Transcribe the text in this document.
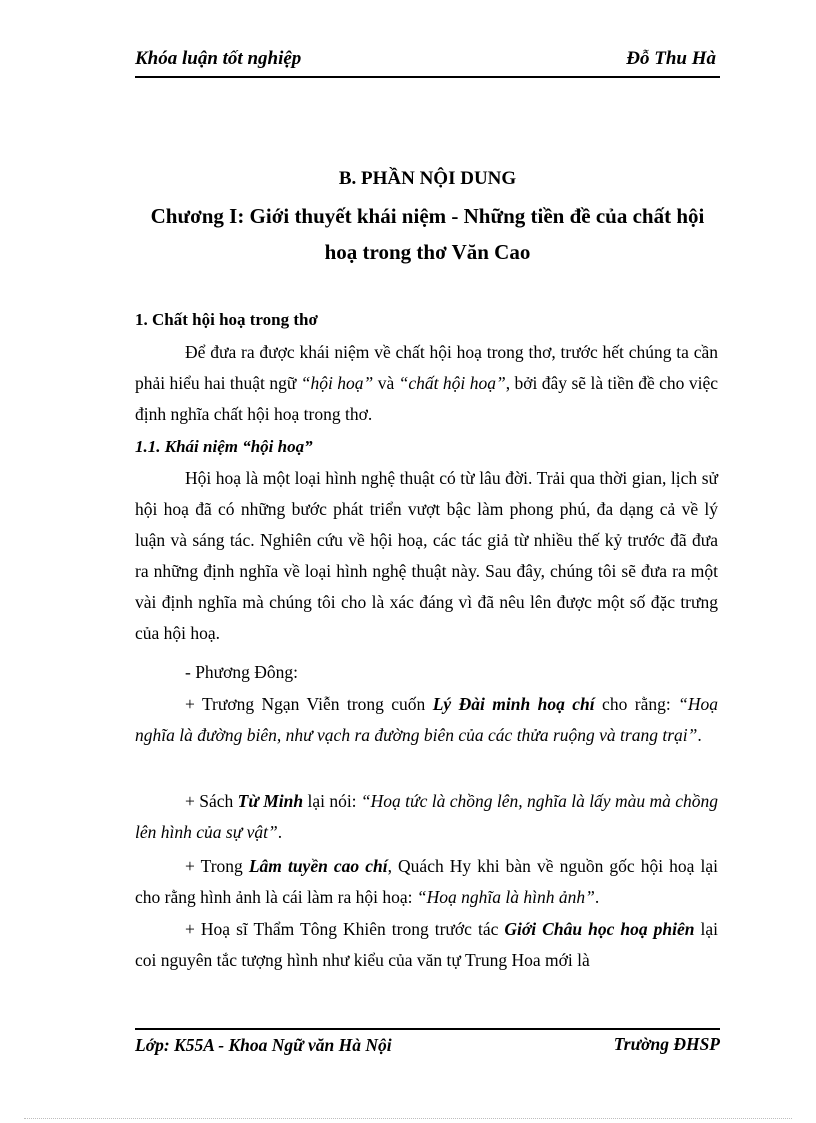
Khóa luận tốt nghiệp	Đỗ Thu Hà
B. PHẦN NỘI DUNG
Chương I: Giới thuyết khái niệm - Những tiền đề của chất hội
hoạ trong thơ Văn Cao
1. Chất hội hoạ trong thơ
Để đưa ra được khái niệm về chất hội hoạ trong thơ, trước hết chúng ta cần phải hiểu hai thuật ngữ “hội hoạ” và “chất hội hoạ”, bởi đây sẽ là tiền đề cho việc định nghĩa chất hội hoạ trong thơ.
1.1. Khái niệm “hội hoạ”
Hội hoạ là một loại hình nghệ thuật có từ lâu đời. Trải qua thời gian, lịch sử hội hoạ đã có những bước phát triển vượt bậc làm phong phú, đa dạng cả về lý luận và sáng tác. Nghiên cứu về hội hoạ, các tác giả từ nhiều thế kỷ trước đã đưa ra những định nghĩa về loại hình nghệ thuật này. Sau đây, chúng tôi sẽ đưa ra một vài định nghĩa mà chúng tôi cho là xác đáng vì đã nêu lên được một số đặc trưng của hội hoạ.
- Phương Đông:
+ Trương Ngạn Viễn trong cuốn Lý Đài minh hoạ chí cho rằng: “Hoạ nghĩa là đường biên, như vạch ra đường biên của các thửa ruộng và trang trại”.
+ Sách Từ Minh lại nói: “Hoạ tức là chồng lên, nghĩa là lấy màu mà chồng lên hình của sự vật”.
+ Trong Lâm tuyền cao chí, Quách Hy khi bàn về nguồn gốc hội hoạ lại cho rằng hình ảnh là cái làm ra hội hoạ: “Hoạ nghĩa là hình ảnh”.
+ Hoạ sĩ Thẩm Tông Khiên trong trước tác Giới Châu học hoạ phiên lại coi nguyên tắc tượng hình như kiểu của văn tự Trung Hoa mới là
Lớp: K55A - Khoa Ngữ văn Hà Nội	Trường ĐHSP
